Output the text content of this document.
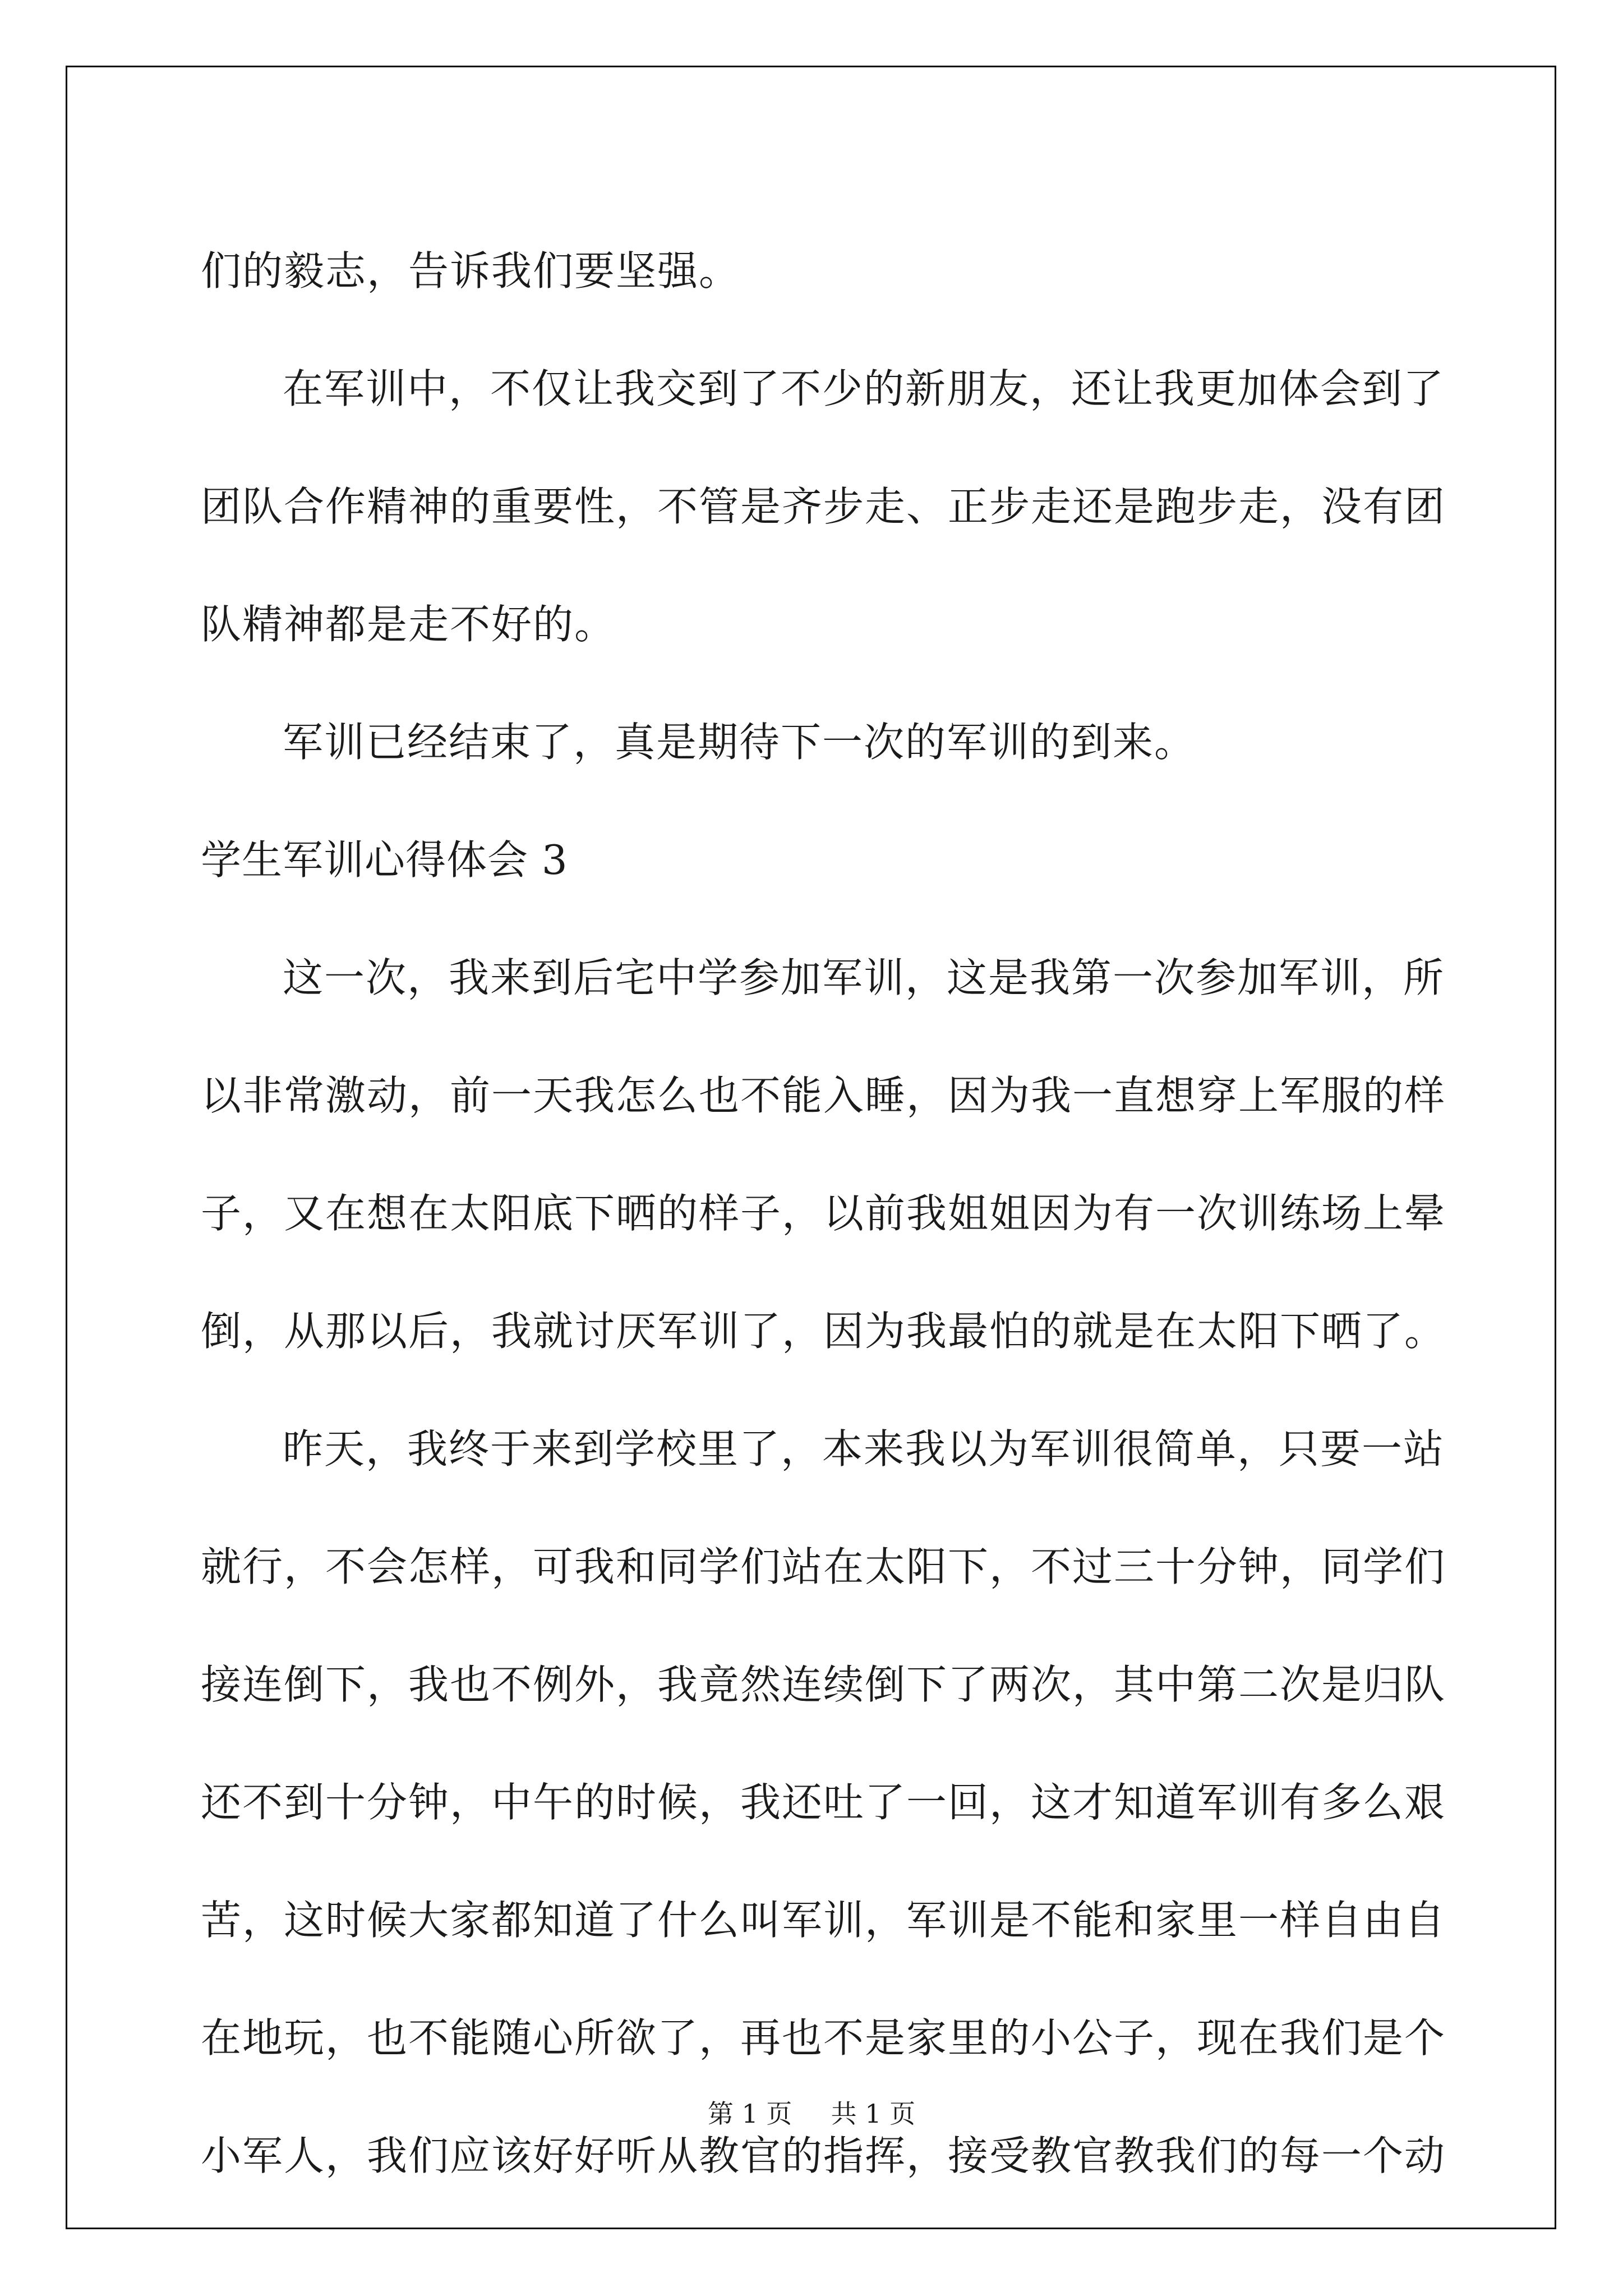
们的毅志，告诉我们要坚强。
在军训中，不仅让我交到了不少的新朋友，还让我更加体会到了
团队合作精神的重要性，不管是齐步走、正步走还是跑步走，没有团
队精神都是走不好的。
军训已经结束了，真是期待下一次的军训的到来。
学生军训心得体会 3
这一次，我来到后宅中学参加军训，这是我第一次参加军训，所
以非常激动，前一天我怎么也不能入睡，因为我一直想穿上军服的样
子，又在想在太阳底下晒的样子，以前我姐姐因为有一次训练场上晕
倒，从那以后，我就讨厌军训了，因为我最怕的就是在太阳下晒了。
昨天，我终于来到学校里了，本来我以为军训很简单，只要一站
就行，不会怎样，可我和同学们站在太阳下，不过三十分钟，同学们
接连倒下，我也不例外，我竟然连续倒下了两次，其中第二次是归队
还不到十分钟，中午的时候，我还吐了一回，这才知道军训有多么艰
苦，这时候大家都知道了什么叫军训，军训是不能和家里一样自由自
在地玩，也不能随心所欲了，再也不是家里的小公子，现在我们是个
小军人，我们应该好好听从教官的指挥，接受教官教我们的每一个动
第 1 页 共 1 页
